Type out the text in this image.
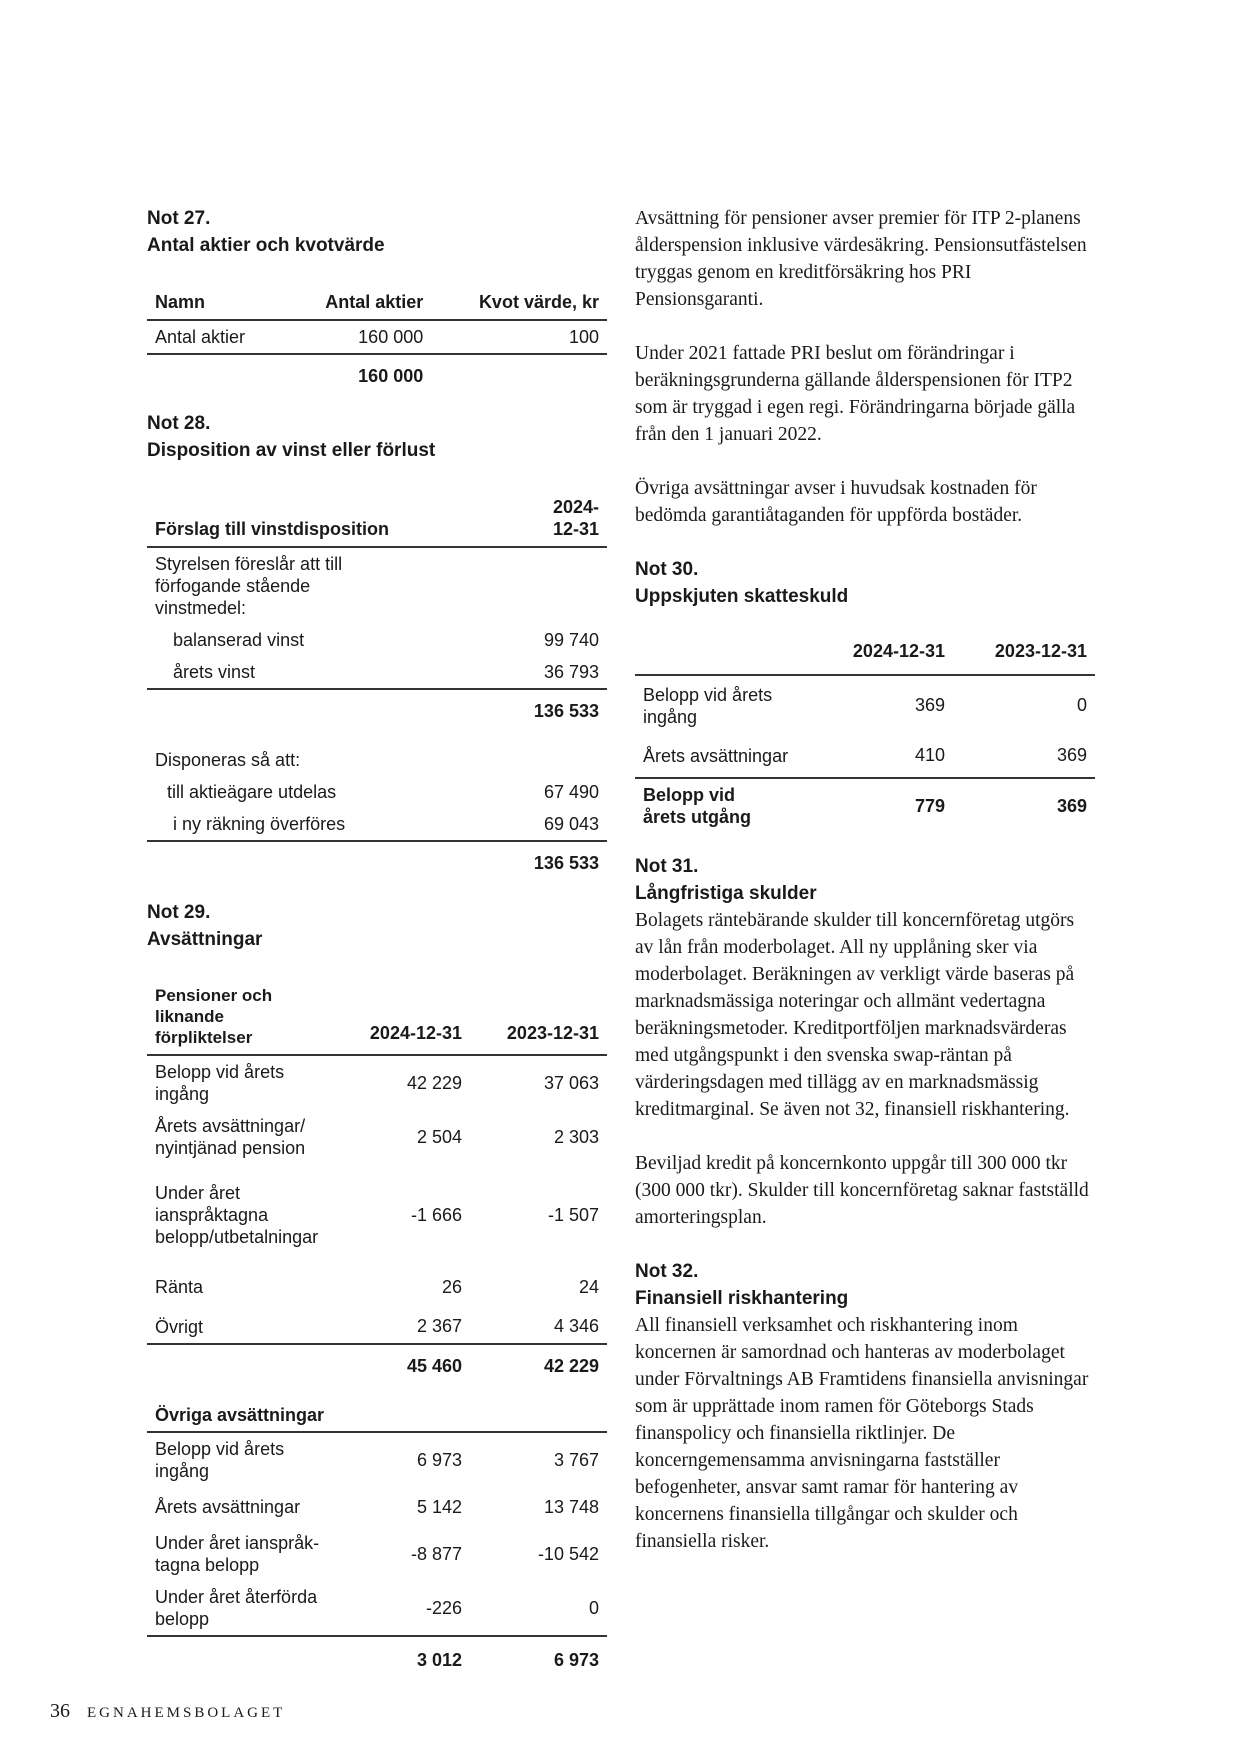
Not 27.

Antal aktier och kvotvärde

Namn	Antal aktier	Kvot värde, kr
Antal aktier	160 000	100
	160 000	

Not 28.

Disposition av vinst eller förlust

Förslag till vinstdisposition	2024-12-31
Styrelsen föreslår att till förfogande stående vinstmedel:	
balanserad vinst	99 740
årets vinst	36 793
	136 533
Disponeras så att:	
till aktieägare utdelas	67 490
i ny räkning överföres	69 043
	136 533

Not 29.

Avsättningar

Pensioner och liknande förpliktelser	2024-12-31	2023-12-31
Belopp vid årets ingång	42 229	37 063
Årets avsättningar/ nyintjänad pension	2 504	2 303
Under året ianspråktagna belopp/utbetalningar	-1 666	-1 507
Ränta	26	24
Övrigt	2 367	4 346
	45 460	42 229
Övriga avsättningar		
Belopp vid årets ingång	6 973	3 767
Årets avsättningar	5 142	13 748
Under året ianspråk-tagna belopp	-8 877	-10 542
Under året återförda belopp	-226	0
	3 012	6 973

Avsättning för pensioner avser premier för ITP 2-planens ålderspension inklusive värdesäkring. Pensionsutfästelsen tryggas genom en kreditförsäkring hos PRI Pensionsgaranti.

Under 2021 fattade PRI beslut om förändringar i beräkningsgrunderna gällande ålderspensionen för ITP2 som är tryggad i egen regi. Förändringarna började gälla från den 1 januari 2022.

Övriga avsättningar avser i huvudsak kostnaden för bedömda garantiåtaganden för uppförda bostäder.

Not 30.

Uppskjuten skatteskuld

	2024-12-31	2023-12-31
Belopp vid årets ingång	369	0
Årets avsättningar	410	369
Belopp vid årets utgång	779	369

Not 31.

Långfristiga skulder

Bolagets räntebärande skulder till koncernföretag utgörs av lån från moderbolaget. All ny upplåning sker via moderbolaget. Beräkningen av verkligt värde baseras på marknadsmässiga noteringar och allmänt vedertagna beräkningsmetoder. Kreditportföljen marknadsvärderas med utgångspunkt i den svenska swap-räntan på värderingsdagen med tillägg av en marknadsmässig kreditmarginal. Se även not 32, finansiell riskhantering.

Beviljad kredit på koncernkonto uppgår till 300 000 tkr (300 000 tkr). Skulder till koncernföretag saknar fastställd amorteringsplan.

Not 32.

Finansiell riskhantering

All finansiell verksamhet och riskhantering inom koncernen är samordnad och hanteras av moderbolaget under Förvaltnings AB Framtidens finansiella anvisningar som är upprättade inom ramen för Göteborgs Stads finanspolicy och finansiella riktlinjer. De koncerngemensamma anvisningarna fastställer befogenheter, ansvar samt ramar för hantering av koncernens finansiella tillgångar och skulder och finansiella risker.

36 EGNAHEMSBOLAGET
